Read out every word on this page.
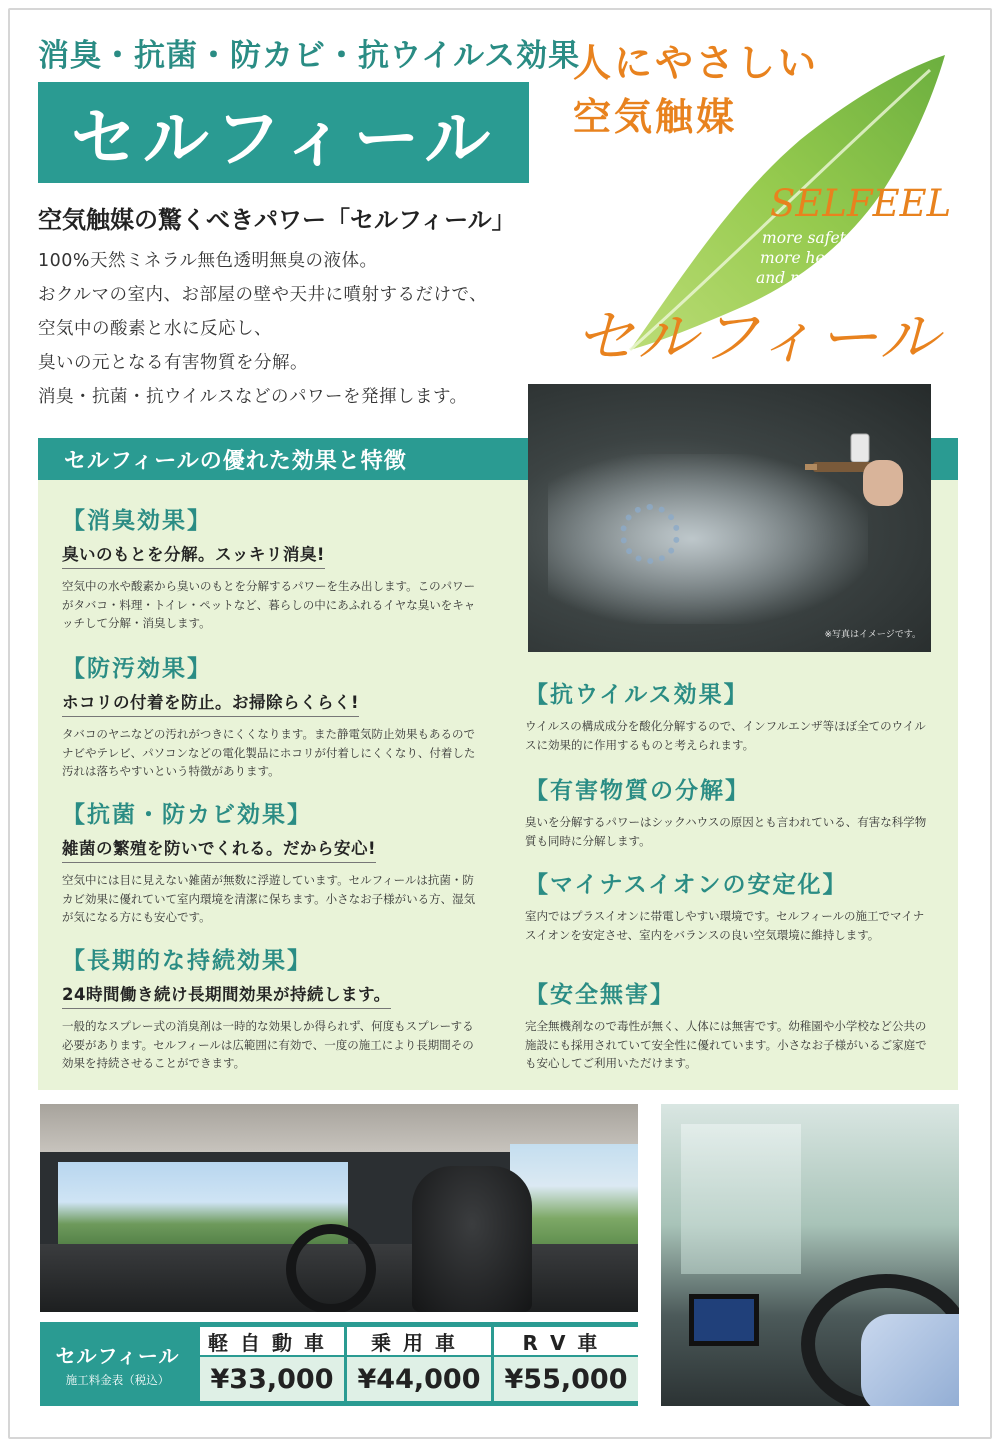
消臭・抗菌・防カビ・抗ウイルス効果
セルフィール
空気触媒の驚くべきパワー「セルフィール」

100%天然ミネラル無色透明無臭の液体。

おクルマの室内、お部屋の壁や天井に噴射するだけで、

空気中の酸素と水に反応し、

臭いの元となる有害物質を分解。

消臭・抗菌・抗ウイルスなどのパワーを発揮します。

人にやさしい
空気触媒
SELFEEL
more safety
more healthy
and more amenity
セルフィール
セルフィールの優れた効果と特徴
※写真はイメージです。
【消臭効果】
臭いのもとを分解。スッキリ消臭!
空気中の水や酸素から臭いのもとを分解するパワーを生み出します。このパワーがタバコ・料理・トイレ・ペットなど、暮らしの中にあふれるイヤな臭いをキャッチして分解・消臭します。
【防汚効果】
ホコリの付着を防止。お掃除らくらく!
タバコのヤニなどの汚れがつきにくくなります。また静電気防止効果もあるのでナビやテレビ、パソコンなどの電化製品にホコリが付着しにくくなり、付着した汚れは落ちやすいという特徴があります。
【抗菌・防カビ効果】
雑菌の繁殖を防いでくれる。だから安心!
空気中には目に見えない雑菌が無数に浮遊しています。セルフィールは抗菌・防カビ効果に優れていて室内環境を清潔に保ちます。小さなお子様がいる方、湿気が気になる方にも安心です。
【長期的な持続効果】
24時間働き続け長期間効果が持続します。
一般的なスプレー式の消臭剤は一時的な効果しか得られず、何度もスプレーする必要があります。セルフィールは広範囲に有効で、一度の施工により長期間その効果を持続させることができます。
【抗ウイルス効果】
ウイルスの構成成分を酸化分解するので、インフルエンザ等ほぼ全てのウイルスに効果的に作用するものと考えられます。
【有害物質の分解】
臭いを分解するパワーはシックハウスの原因とも言われている、有害な科学物質も同時に分解します。
【マイナスイオンの安定化】
室内ではプラスイオンに帯電しやすい環境です。セルフィールの施工でマイナスイオンを安定させ、室内をバランスの良い空気環境に維持します。
【安全無害】
完全無機剤なので毒性が無く、人体には無害です。幼稚園や小学校など公共の施設にも採用されていて安全性に優れています。小さなお子様がいるご家庭でも安心してご利用いただけます。
セルフィール
施工料金表（税込）
軽自動車
¥33,000
乗用車
¥44,000
RV車
¥55,000
